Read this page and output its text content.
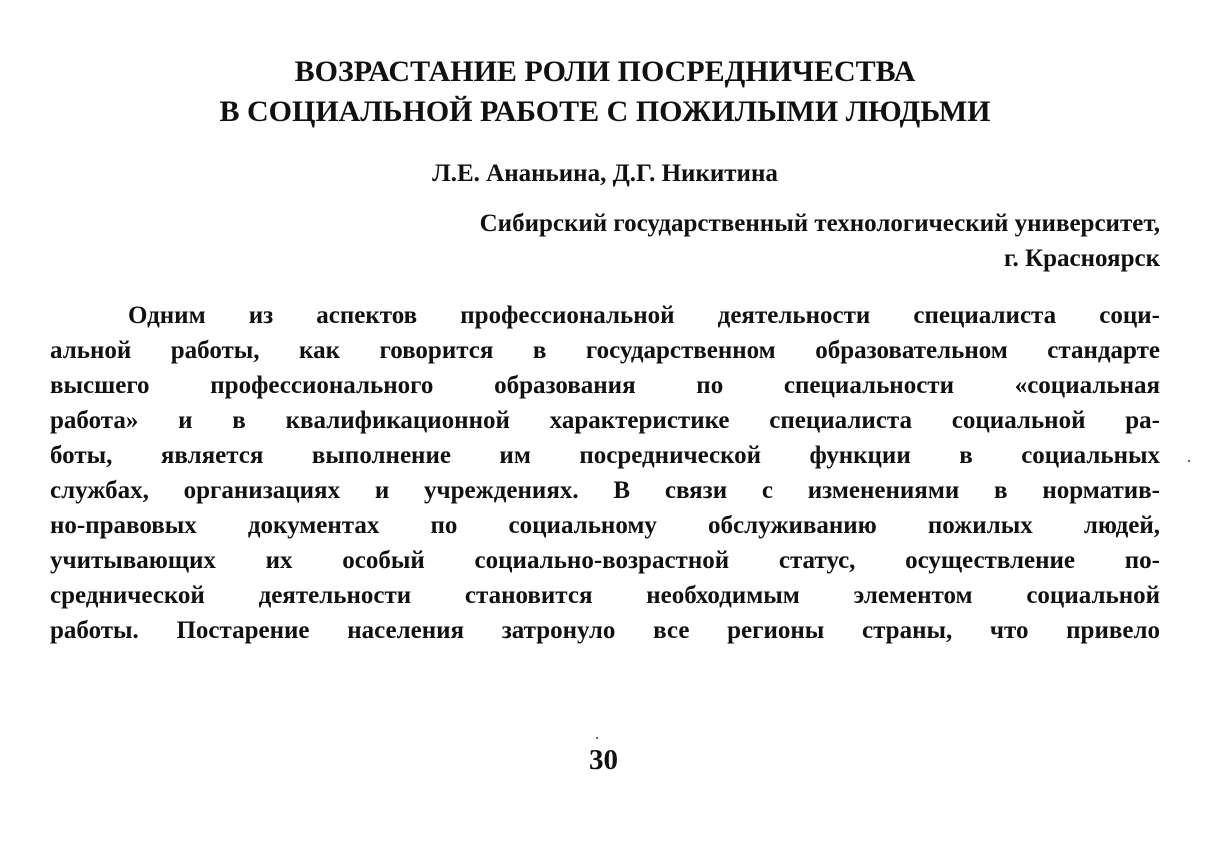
ВОЗРАСТАНИЕ РОЛИ ПОСРЕДНИЧЕСТВА
В СОЦИАЛЬНОЙ РАБОТЕ С ПОЖИЛЫМИ ЛЮДЬМИ

Л.Е. Ананьина, Д.Г. Никитина

Сибирский государственный технологический университет,
г. Красноярск

Одним из аспектов профессиональной деятельности специалиста соци-
альной работы, как говорится в государственном образовательном стандарте
высшего профессионального образования по специальности «социальная
работа» и в квалификационной характеристике специалиста социальной ра-
боты, является выполнение им посреднической функции в социальных
службах, организациях и учреждениях. В связи с изменениями в норматив-
но-правовых документах по социальному обслуживанию пожилых людей,
учитывающих их особый социально-возрастной статус, осуществление по-
среднической деятельности становится необходимым элементом социальной
работы. Постарение населения затронуло все регионы страны, что привело
30
